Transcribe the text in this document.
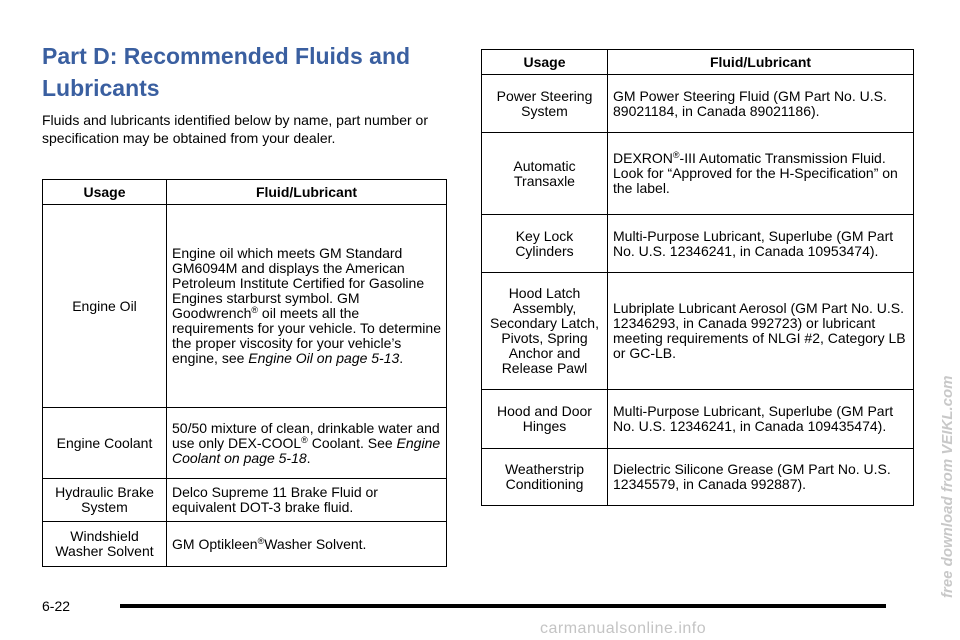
Part D: Recommended Fluids and Lubricants

Fluids and lubricants identified below by name, part number or specification may be obtained from your dealer.

Usage	Fluid/Lubricant
Engine Oil	Engine oil which meets GM Standard GM6094M and displays the American Petroleum Institute Certified for Gasoline Engines starburst symbol. GM Goodwrench® oil meets all the requirements for your vehicle. To determine the proper viscosity for your vehicle’s engine, see Engine Oil on page 5-13.
Engine Coolant	50/50 mixture of clean, drinkable water and use only DEX-COOL® Coolant. See Engine Coolant on page 5-18.
Hydraulic Brake System	Delco Supreme 11 Brake Fluid or equivalent DOT-3 brake fluid.
Windshield Washer Solvent	GM Optikleen®Washer Solvent.
Usage	Fluid/Lubricant
Power Steering System	GM Power Steering Fluid (GM Part No. U.S. 89021184, in Canada 89021186).
Automatic Transaxle	DEXRON®-III Automatic Transmission Fluid. Look for “Approved for the H-Specification” on the label.
Key Lock Cylinders	Multi-Purpose Lubricant, Superlube (GM Part No. U.S. 12346241, in Canada 10953474).
Hood Latch Assembly, Secondary Latch, Pivots, Spring Anchor and Release Pawl	Lubriplate Lubricant Aerosol (GM Part No. U.S. 12346293, in Canada 992723) or lubricant meeting requirements of NLGI #2, Category LB or GC-LB.
Hood and Door Hinges	Multi-Purpose Lubricant, Superlube (GM Part No. U.S. 12346241, in Canada 109435474).
Weatherstrip Conditioning	Dielectric Silicone Grease (GM Part No. U.S. 12345579, in Canada 992887).
6-22
free download from VEIKL.com
carmanualsonline.info
